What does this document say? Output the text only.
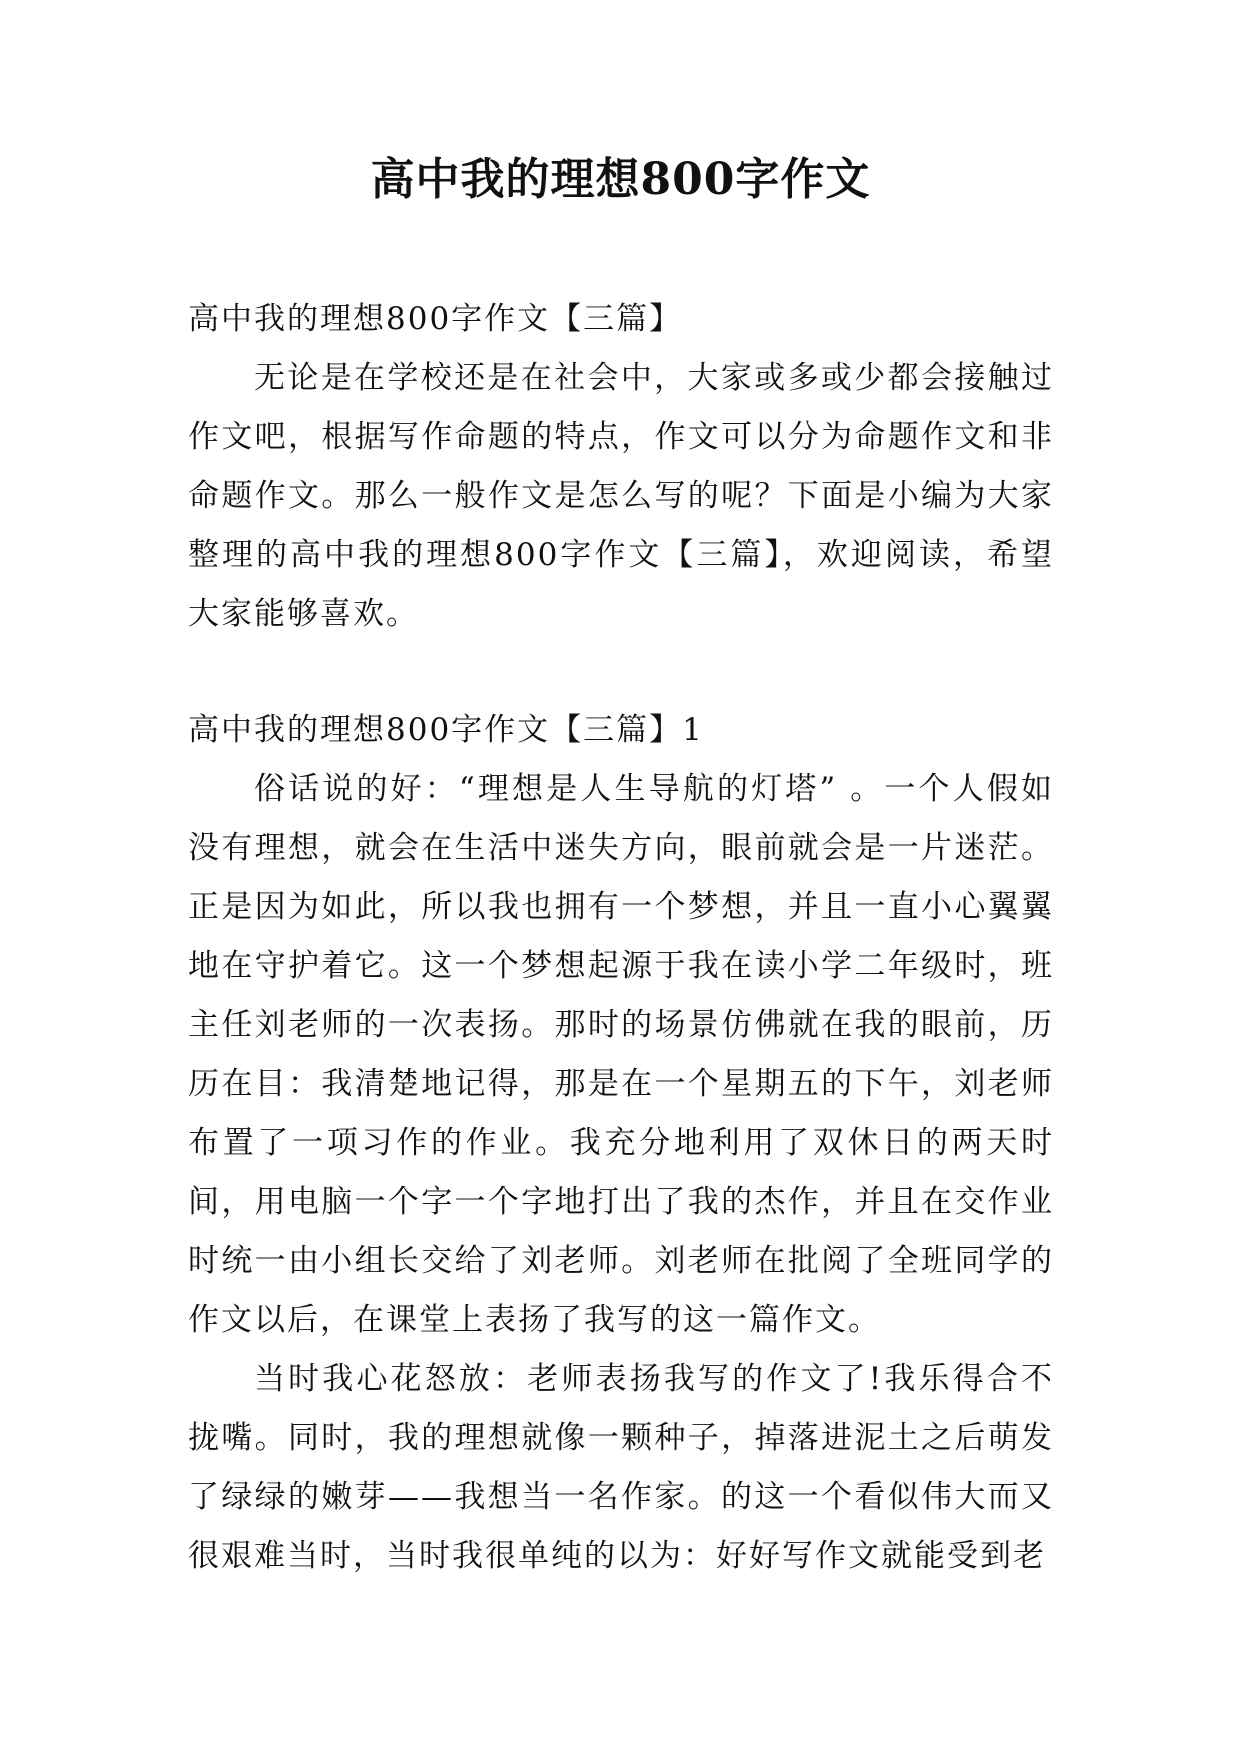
高中我的理想800字作文

高中我的理想800字作文【三篇】

无论是在学校还是在社会中，大家或多或少都会接触过作文吧，根据写作命题的特点，作文可以分为命题作文和非命题作文。那么一般作文是怎么写的呢？下面是小编为大家整理的高中我的理想800字作文【三篇】，欢迎阅读，希望大家能够喜欢。

高中我的理想800字作文【三篇】1

俗话说的好：“理想是人生导航的灯塔” 。一个人假如没有理想，就会在生活中迷失方向，眼前就会是一片迷茫。正是因为如此，所以我也拥有一个梦想，并且一直小心翼翼地在守护着它。这一个梦想起源于我在读小学二年级时，班主任刘老师的一次表扬。那时的场景仿佛就在我的眼前，历历在目：我清楚地记得，那是在一个星期五的下午，刘老师布置了一项习作的作业。我充分地利用了双休日的两天时间，用电脑一个字一个字地打出了我的杰作，并且在交作业时统一由小组长交给了刘老师。刘老师在批阅了全班同学的作文以后，在课堂上表扬了我写的这一篇作文。

当时我心花怒放：老师表扬我写的作文了!我乐得合不拢嘴。同时，我的理想就像一颗种子，掉落进泥土之后萌发了绿绿的嫩芽——我想当一名作家。的这一个看似伟大而又很艰难当时，当时我很单纯的以为：好好写作文就能受到老
